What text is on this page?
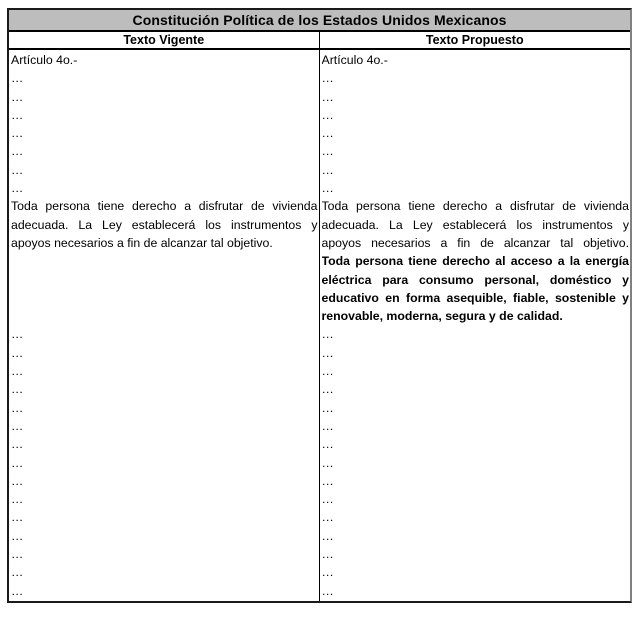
Constitución Política de los Estados Unidos Mexicanos
Texto Vigente	Texto Propuesto
Artículo 4o.-
…
…
…
…
…
…
…
Toda persona tiene derecho a disfrutar de vivienda
adecuada. La Ley establecerá los instrumentos y
apoyos necesarios a fin de alcanzar tal objetivo.
…
…
…
…
…
…
…
…
…
…
…
…
…
…
…
Artículo 4o.-
…
…
…
…
…
…
…
Toda persona tiene derecho a disfrutar de vivienda
adecuada. La Ley establecerá los instrumentos y
apoyos necesarios a fin de alcanzar tal objetivo.
Toda persona tiene derecho al acceso a la energía
eléctrica para consumo personal, doméstico y
educativo en forma asequible, fiable, sostenible y
renovable, moderna, segura y de calidad.
…
…
…
…
…
…
…
…
…
…
…
…
…
…
…
